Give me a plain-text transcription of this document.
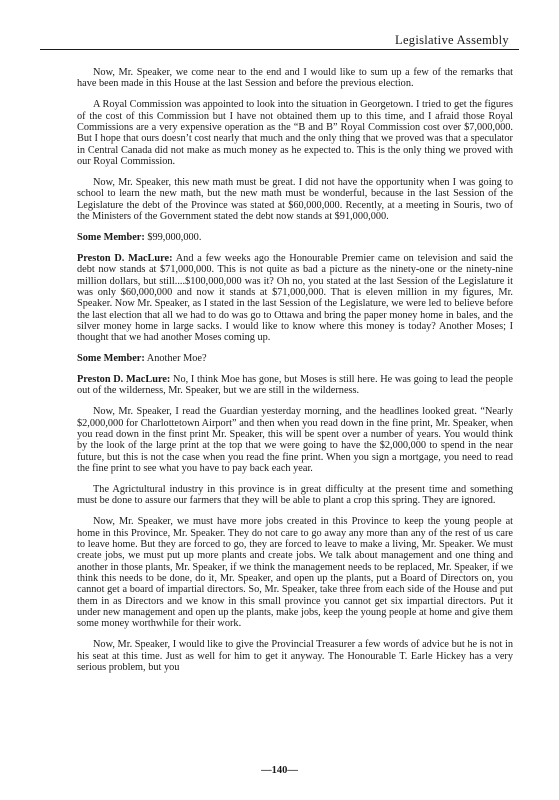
Legislative Assembly

Now, Mr. Speaker, we come near to the end and I would like to sum up a few of the remarks that have been made in this House at the last Session and before the previous election.

A Royal Commission was appointed to look into the situation in Georgetown. I tried to get the figures of the cost of this Commission but I have not obtained them up to this time, and I afraid those Royal Commissions are a very expensive operation as the “B and B” Royal Commission cost over $7,000,000. But I hope that ours doesn’t cost nearly that much and the only thing that we proved was that a speculator in Central Canada did not make as much money as he expected to. This is the only thing we proved with our Royal Commission.

Now, Mr. Speaker, this new math must be great. I did not have the opportunity when I was going to school to learn the new math, but the new math must be wonderful, because in the last Session of the Legislature the debt of the Province was stated at $60,000,000. Recently, at a meeting in Souris, two of the Ministers of the Government stated the debt now stands at $91,000,000.

Some Member: $99,000,000.

Preston D. MacLure: And a few weeks ago the Honourable Premier came on television and said the debt now stands at $71,000,000. This is not quite as bad a picture as the ninety-one or the ninety-nine million dollars, but still....$100,000,000 was it? Oh no, you stated at the last Session of the Legislature it was only $60,000,000 and now it stands at $71,000,000. That is eleven million in my figures, Mr. Speaker. Now Mr. Speaker, as I stated in the last Session of the Legislature, we were led to believe before the last election that all we had to do was go to Ottawa and bring the paper money home in bales, and the silver money home in large sacks. I would like to know where this money is today? Another Moses; I thought that we had another Moses coming up.

Some Member: Another Moe?

Preston D. MacLure: No, I think Moe has gone, but Moses is still here. He was going to lead the people out of the wilderness, Mr. Speaker, but we are still in the wilderness.

Now, Mr. Speaker, I read the Guardian yesterday morning, and the headlines looked great. “Nearly $2,000,000 for Charlottetown Airport” and then when you read down in the fine print, Mr. Speaker, when you read down in the finst print Mr. Speaker, this will be spent over a number of years. You would think by the look of the large print at the top that we were going to have the $2,000,000 to spend in the near future, but this is not the case when you read the fine print. When you sign a mortgage, you need to read the fine print to see what you have to pay back each year.

The Agrictultural industry in this province is in great difficulty at the present time and something must be done to assure our farmers that they will be able to plant a crop this spring. They are ignored.

Now, Mr. Speaker, we must have more jobs created in this Province to keep the young people at home in this Province, Mr. Speaker. They do not care to go away any more than any of the rest of us care to leave home. But they are forced to go, they are forced to leave to make a living, Mr. Speaker. We must create jobs, we must put up more plants and create jobs. We talk about management and one thing and another in those plants, Mr. Speaker, if we think the management needs to be replaced, Mr. Speaker, if we think this needs to be done, do it, Mr. Speaker, and open up the plants, put a Board of Directors on, you cannot get a board of impartial directors. So, Mr. Speaker, take three from each side of the House and put them in as Directors and we know in this small province you cannot get six impartial directors. Put it under new management and open up the plants, make jobs, keep the young people at home and give them some money worthwhile for their work.

Now, Mr. Speaker, I would like to give the Provincial Treasurer a few words of advice but he is not in his seat at this time. Just as well for him to get it anyway. The Honourable T. Earle Hickey has a very serious problem, but you

—140—
